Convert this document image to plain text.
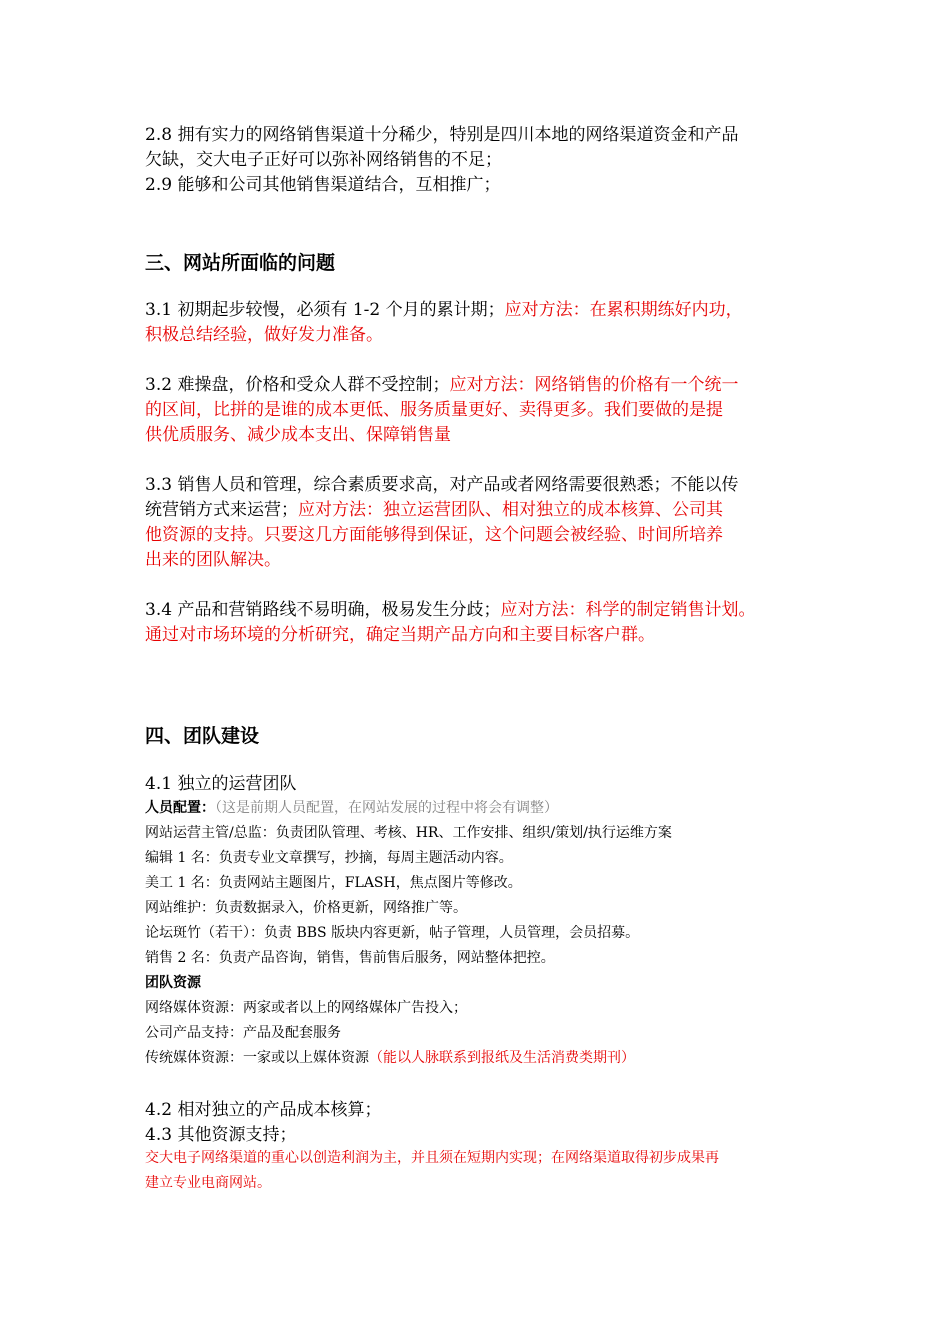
2.8 拥有实力的网络销售渠道十分稀少，特别是四川本地的网络渠道资金和产品
欠缺，交大电子正好可以弥补网络销售的不足；

2.9 能够和公司其他销售渠道结合，互相推广；

三、网站所面临的问题

3.1 初期起步较慢，必须有 1-2 个月的累计期；应对方法：在累积期练好内功，
积极总结经验，做好发力准备。

3.2 难操盘，价格和受众人群不受控制；应对方法：网络销售的价格有一个统一
的区间，比拼的是谁的成本更低、服务质量更好、卖得更多。我们要做的是提
供优质服务、减少成本支出、保障销售量

3.3 销售人员和管理，综合素质要求高，对产品或者网络需要很熟悉；不能以传
统营销方式来运营；应对方法：独立运营团队、相对独立的成本核算、公司其
他资源的支持。只要这几方面能够得到保证，这个问题会被经验、时间所培养
出来的团队解决。

3.4 产品和营销路线不易明确，极易发生分歧；应对方法：科学的制定销售计划。
通过对市场环境的分析研究，确定当期产品方向和主要目标客户群。

四、团队建设

4.1 独立的运营团队

人员配置：（这是前期人员配置，在网站发展的过程中将会有调整）

网站运营主管/总监：负责团队管理、考核、HR、工作安排、组织/策划/执行运维方案

编辑 1 名：负责专业文章撰写，抄摘，每周主题活动内容。

美工 1 名：负责网站主题图片，FLASH，焦点图片等修改。

网站维护：负责数据录入，价格更新，网络推广等。

论坛斑竹（若干）：负责 BBS 版块内容更新，帖子管理，人员管理，会员招募。

销售 2 名：负责产品咨询，销售，售前售后服务，网站整体把控。

团队资源

网络媒体资源：两家或者以上的网络媒体广告投入；

公司产品支持：产品及配套服务

传统媒体资源：一家或以上媒体资源（能以人脉联系到报纸及生活消费类期刊）

4.2 相对独立的产品成本核算；

4.3 其他资源支持；

交大电子网络渠道的重心以创造利润为主，并且须在短期内实现；在网络渠道取得初步成果再

建立专业电商网站。
